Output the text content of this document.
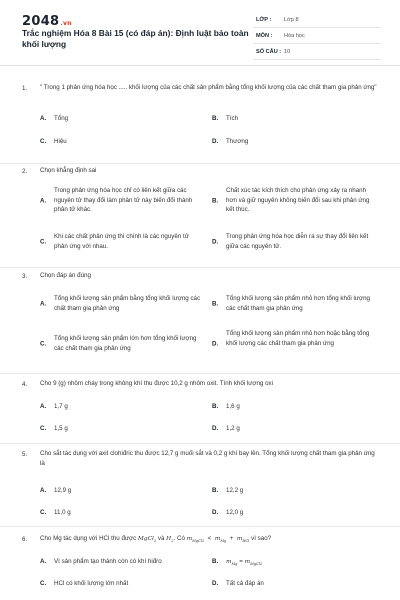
2048.vn
Trắc nghiệm Hóa 8 Bài 15 (có đáp án): Định luật bảo toàn khối lượng
LỚP : Lớp 8
MÔN : Hóa học
SỐ CÂU : 10
1. " Trong 1 phản ứng hóa học ..... khối lượng của các chất sản phẩm bằng tổng khối lượng của các chất tham gia phản ứng"
A. Tổng	B. Tích
C. Hiệu	D. Thương
2. Chọn khẳng định sai
A.
Trong phản ứng hóa học chỉ có liên kết giữa các nguyên tử thay đổi làm phân tử này biến đổi thành phân tử khác.
B.
Chất xúc tác kích thích cho phản ứng xảy ra nhanh hơn và giữ nguyên không biến đổi sau khi phản ứng kết thúc.
C.
Khi các chất phản ứng thì chính là các nguyên tử phản ứng với nhau.
D.
Trong phản ứng hóa học diễn ra sự thay đổi liên kết giữa các nguyên tử.
3. Chọn đáp án đúng
A.
Tổng khối lượng sản phẩm bằng tổng khối lượng các chất tham gia phản ứng
B.
Tổng khối lượng sản phẩm nhỏ hơn tổng khối lượng các chất tham gia phản ứng
C.
Tổng khối lượng sản phẩm lớn hơn tổng khối lượng các chất tham gia phản ứng
D.
Tổng khối lượng sản phẩm nhỏ hơn hoặc bằng tổng khối lượng các chất tham gia phản ứng
4. Cho 9 (g) nhôm cháy trong không khí thu được 10,2 g nhôm oxit. Tính khối lượng oxi
A. 1,7 g	B. 1,6 g
C. 1,5 g	D. 1,2 g
5. Cho sắt tác dụng với axit clohiđric thu được 12,7 g muối sắt và 0,2 g khí bay lên. Tổng khối lượng chất tham gia phản ứng là
A. 12,9 g	B. 12,2 g
C. 11,0 g	D. 12,0 g
6. Cho Mg tác dụng với HCl thu được MgCl$_2$ và $H_2$. Có $m_{MgCl2} < m_{Mg} + m_{HCl}$ vì sao?
A. Vì sản phẩm tạo thành còn có khí hiđro	B. $m_{Mg} = m_{MgCl2}$
C. HCl có khối lượng lớn nhất	D. Tất cả đáp án
